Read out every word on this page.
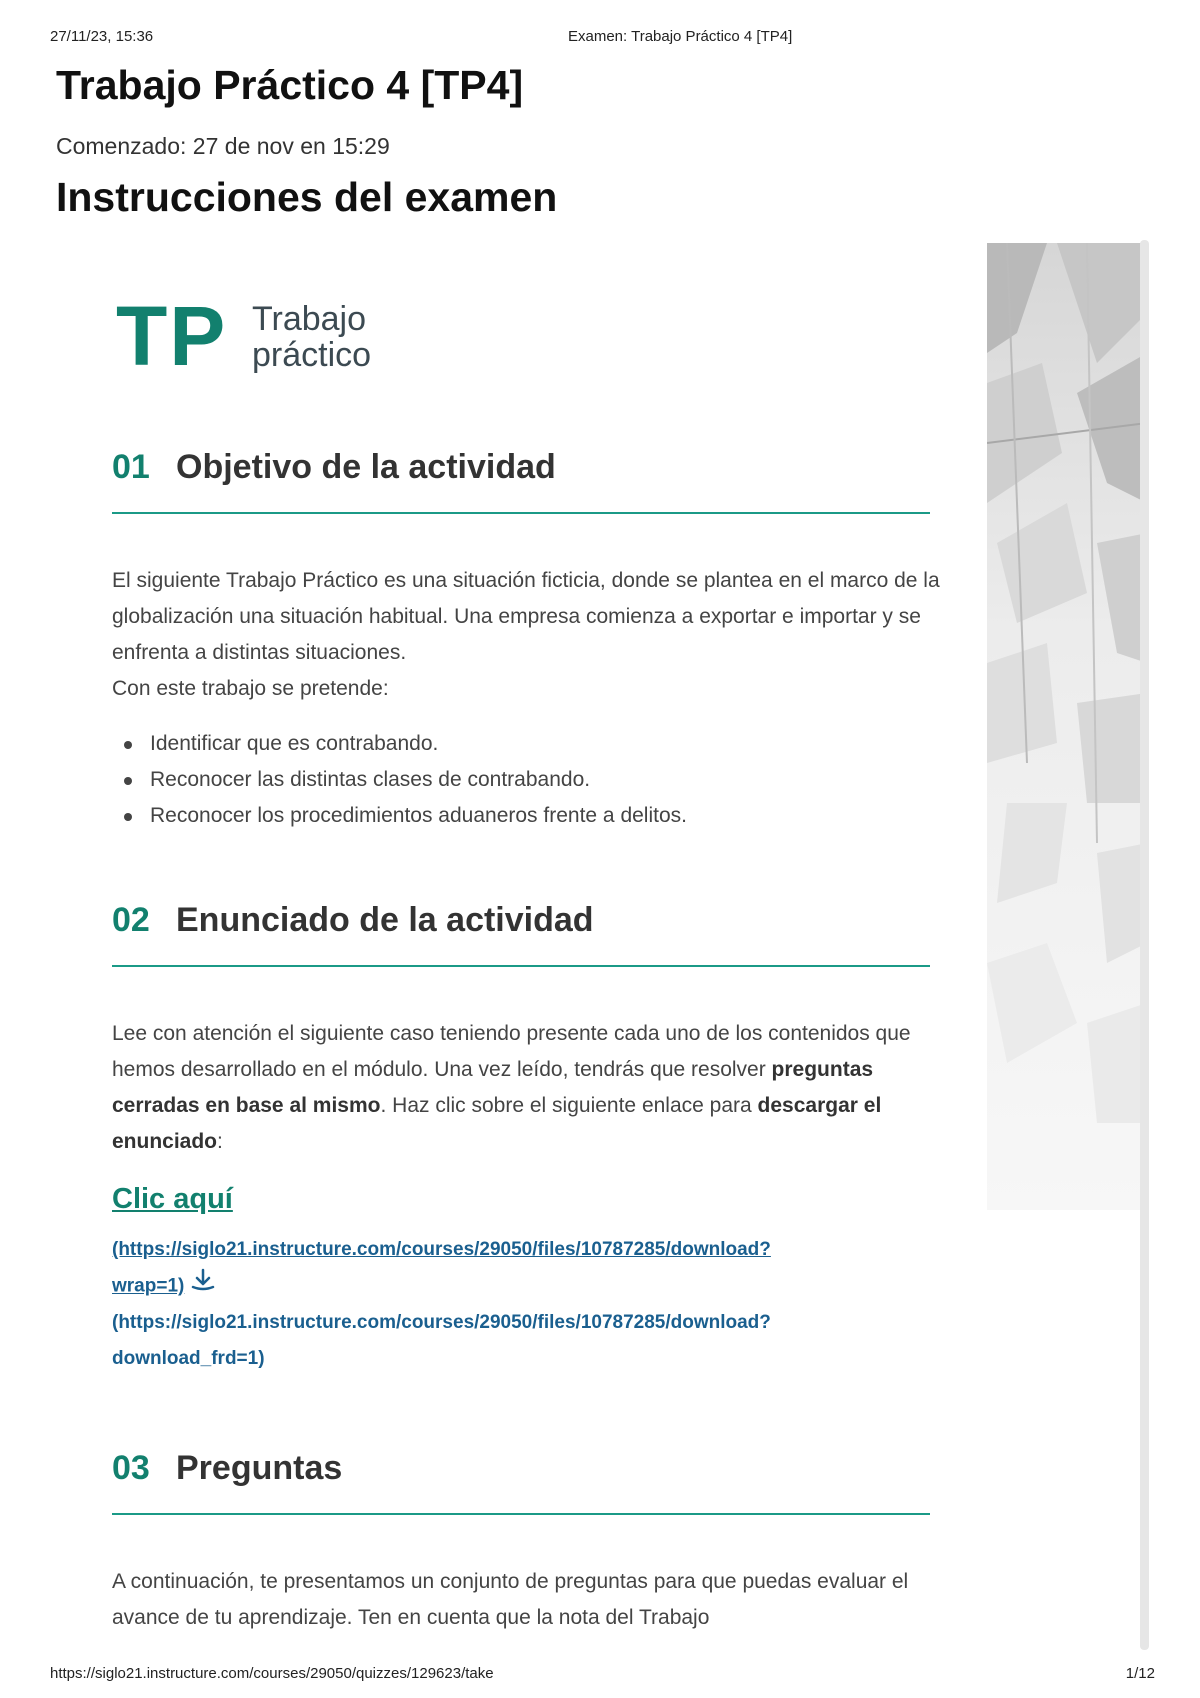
27/11/23, 15:36	Examen: Trabajo Práctico 4 [TP4]
Trabajo Práctico 4 [TP4]
Comenzado: 27 de nov en 15:29
Instrucciones del examen
TP Trabajo
práctico
01 Objetivo de la actividad

El siguiente Trabajo Práctico es una situación ficticia, donde se plantea en el marco de la globalización una situación habitual. Una empresa comienza a exportar e importar y se enfrenta a distintas situaciones.

Con este trabajo se pretende:

Identificar que es contrabando.
Reconocer las distintas clases de contrabando.
Reconocer los procedimientos aduaneros frente a delitos.
02 Enunciado de la actividad

Lee con atención el siguiente caso teniendo presente cada uno de los contenidos que hemos desarrollado en el módulo. Una vez leído, tendrás que resolver preguntas cerradas en base al mismo. Haz clic sobre el siguiente enlace para descargar el enunciado:

Clic aquí
(https://siglo21.instructure.com/courses/29050/files/10787285/download?
wrap=1)
(https://siglo21.instructure.com/courses/29050/files/10787285/download?
download_frd=1)
03 Preguntas

A continuación, te presentamos un conjunto de preguntas para que puedas evaluar el avance de tu aprendizaje. Ten en cuenta que la nota del Trabajo

https://siglo21.instructure.com/courses/29050/quizzes/129623/take	1/12
